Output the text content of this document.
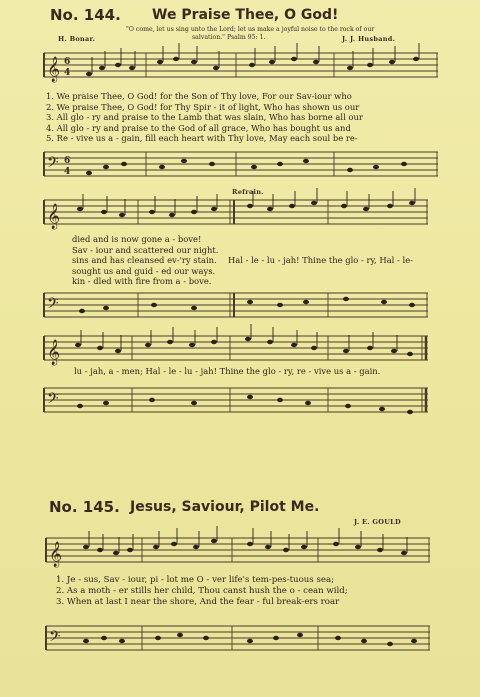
No. 144. We Praise Thee, O God!
"O come, let us sing unto the Lord; let us make a joyful noise to the rock of our
salvation." Psalm 95: 1.
H. Bonar.	J. J. Husband.
𝄞 6
4
1. We praise Thee, O God! for the Son of Thy love, For our Sav-iour who
2. We praise Thee, O God! for Thy Spir - it of light, Who has shown us our
3. All glo - ry and praise to the Lamb that was slain, Who has borne all our
4. All glo - ry and praise to the God of all grace, Who has bought us and
5. Re - vive us a - gain, fill each heart with Thy love, May each soul be re-
𝄢 6
4
Refrain.
𝄞
died and is now gone a - bove!
Sav - iour and scattered our night.
sins and has cleansed ev-'ry stain.
sought us and guid - ed our ways.
kin - dled with fire from a - bove.
Hal - le - lu - jah! Thine the glo - ry, Hal - le-
𝄢
𝄞
lu - jah, a - men; Hal - le - lu - jah! Thine the glo - ry, re - vive us a - gain.
𝄢
No. 145. Jesus, Saviour, Pilot Me.
J. E. GOULD
𝄞
1. Je - sus, Sav - iour, pi - lot me O - ver life's tem-pes-tuous sea;
2. As a moth - er stills her child, Thou canst hush the o - cean wild;
3. When at last I near the shore, And the fear - ful break-ers roar
𝄢
